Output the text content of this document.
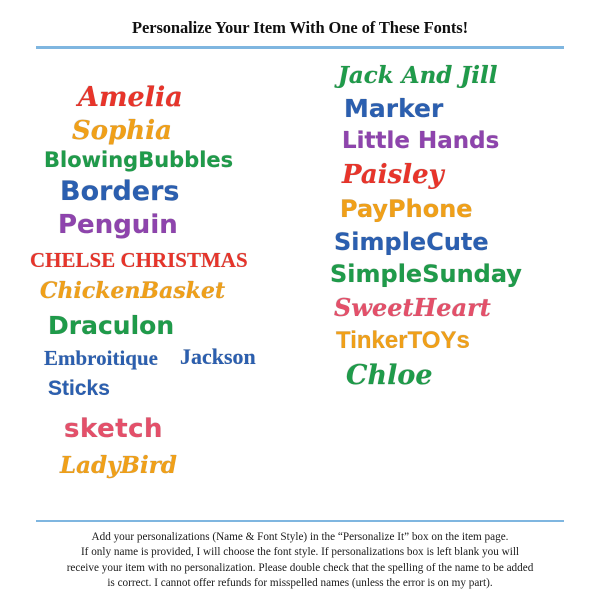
Personalize Your Item With One of These Fonts!
Amelia
Sophia
BlowingBubbles
Borders
Penguin
CHELSE CHRISTMAS
ChickenBasket
Draculon
Embroitique Jackson
Sticks
sketch
LadyBird
Jack And Jill
Marker
Little Hands
Paisley
PayPhone
SimpleCute
SimpleSunday
SweetHeart
TinkerTOYs
Chloe
Add your personalizations (Name & Font Style) in the “Personalize It” box on the item page.
If only name is provided, I will choose the font style. If personalizations box is left blank you will
receive your item with no personalization. Please double check that the spelling of the name to be added
is correct. I cannot offer refunds for misspelled names (unless the error is on my part).
